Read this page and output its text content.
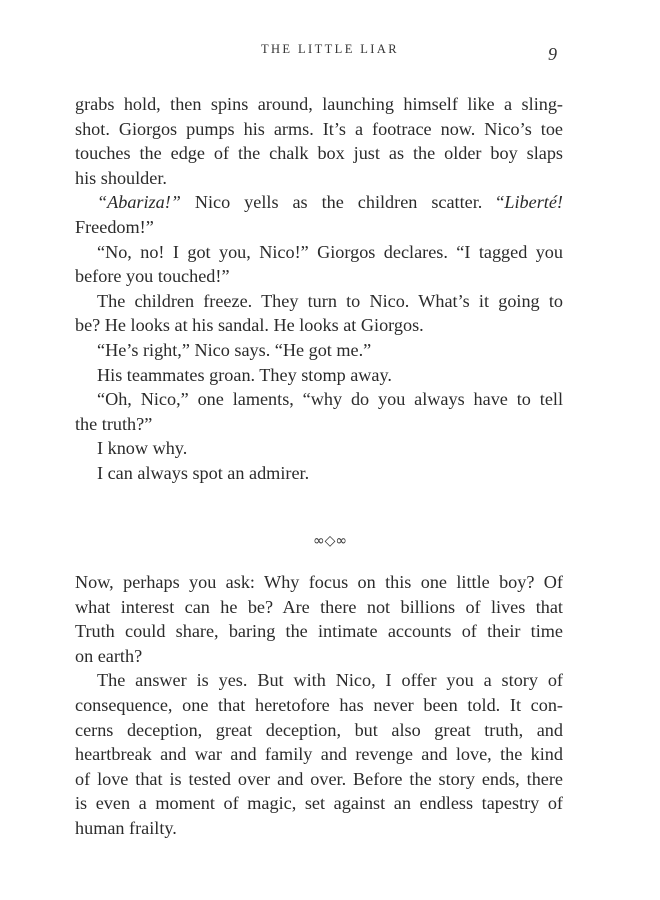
THE LITTLE LIAR	9
grabs hold, then spins around, launching himself like a sling-
shot. Giorgos pumps his arms. It’s a footrace now. Nico’s toe
touches the edge of the chalk box just as the older boy slaps
his shoulder.
“Abariza!” Nico yells as the children scatter. “Liberté!
Freedom!”
“No, no! I got you, Nico!” Giorgos declares. “I tagged you
before you touched!”
The children freeze. They turn to Nico. What’s it going to
be? He looks at his sandal. He looks at Giorgos.
“He’s right,” Nico says. “He got me.”
His teammates groan. They stomp away.
“Oh, Nico,” one laments, “why do you always have to tell
the truth?”
I know why.
I can always spot an admirer.
∞◇∞
Now, perhaps you ask: Why focus on this one little boy? Of
what interest can he be? Are there not billions of lives that
Truth could share, baring the intimate accounts of their time
on earth?
The answer is yes. But with Nico, I offer you a story of
consequence, one that heretofore has never been told. It con-
cerns deception, great deception, but also great truth, and
heartbreak and war and family and revenge and love, the kind
of love that is tested over and over. Before the story ends, there
is even a moment of magic, set against an endless tapestry of
human frailty.
